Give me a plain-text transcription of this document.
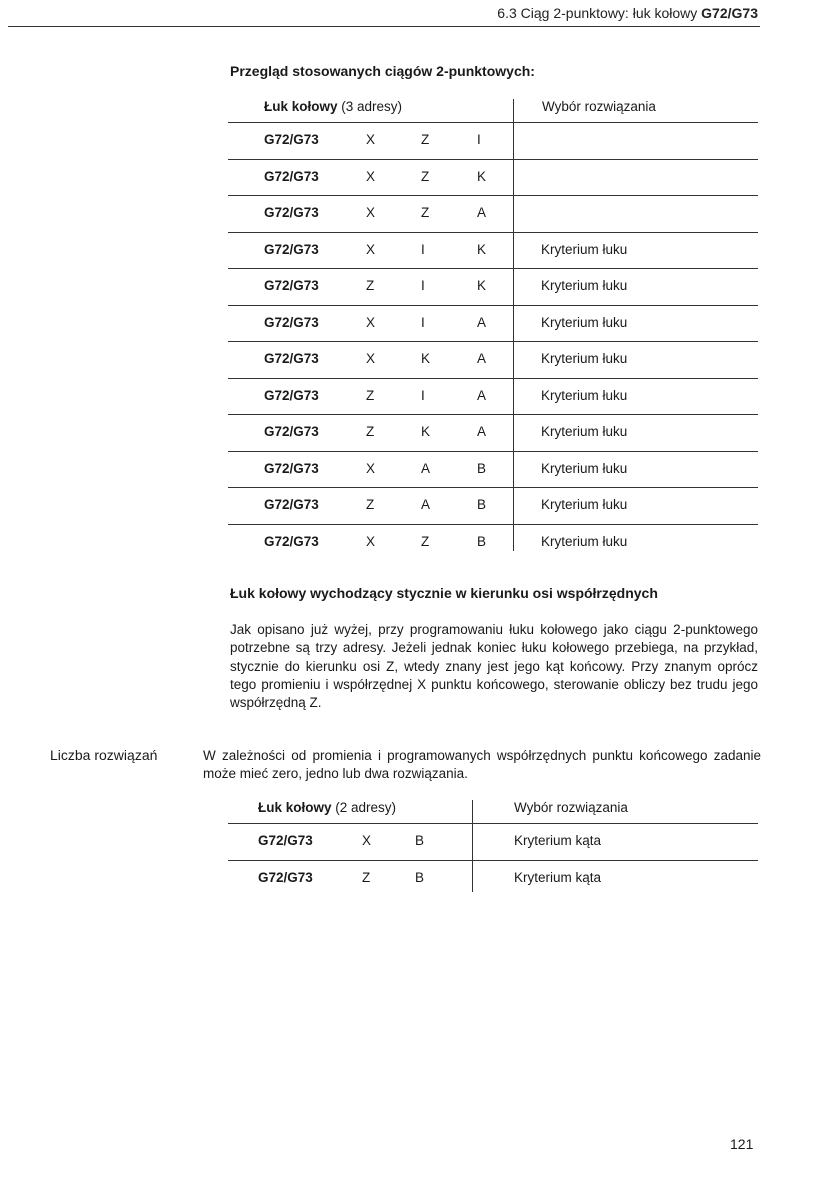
6.3 Ciąg 2-punktowy: łuk kołowy G72/G73
Przegląd stosowanych ciągów 2-punktowych:
Łuk kołowy (3 adresy)	Wybór rozwiązania
G72/G73	X	Z	I
G72/G73	X	Z	K
G72/G73	X	Z	A
G72/G73	X	I	K	Kryterium łuku
G72/G73	Z	I	K	Kryterium łuku
G72/G73	X	I	A	Kryterium łuku
G72/G73	X	K	A	Kryterium łuku
G72/G73	Z	I	A	Kryterium łuku
G72/G73	Z	K	A	Kryterium łuku
G72/G73	X	A	B	Kryterium łuku
G72/G73	Z	A	B	Kryterium łuku
G72/G73	X	Z	B	Kryterium łuku
Łuk kołowy wychodzący stycznie w kierunku osi współrzędnych
Jak opisano już wyżej, przy programowaniu łuku kołowego jako ciągu 2-punktowego potrzebne są trzy adresy. Jeżeli jednak koniec łuku kołowego przebiega, na przykład, stycznie do kierunku osi Z, wtedy znany jest jego kąt końcowy. Przy znanym oprócz tego promieniu i współrzędnej X punktu końcowego, sterowanie obliczy bez trudu jego współrzędną Z.
Liczba rozwiązań	W zależności od promienia i programowanych współrzędnych punktu końcowego zadanie może mieć zero, jedno lub dwa rozwiązania.
Łuk kołowy (2 adresy)	Wybór rozwiązania
G72/G73	X	B	Kryterium kąta
G72/G73	Z	B	Kryterium kąta
121
